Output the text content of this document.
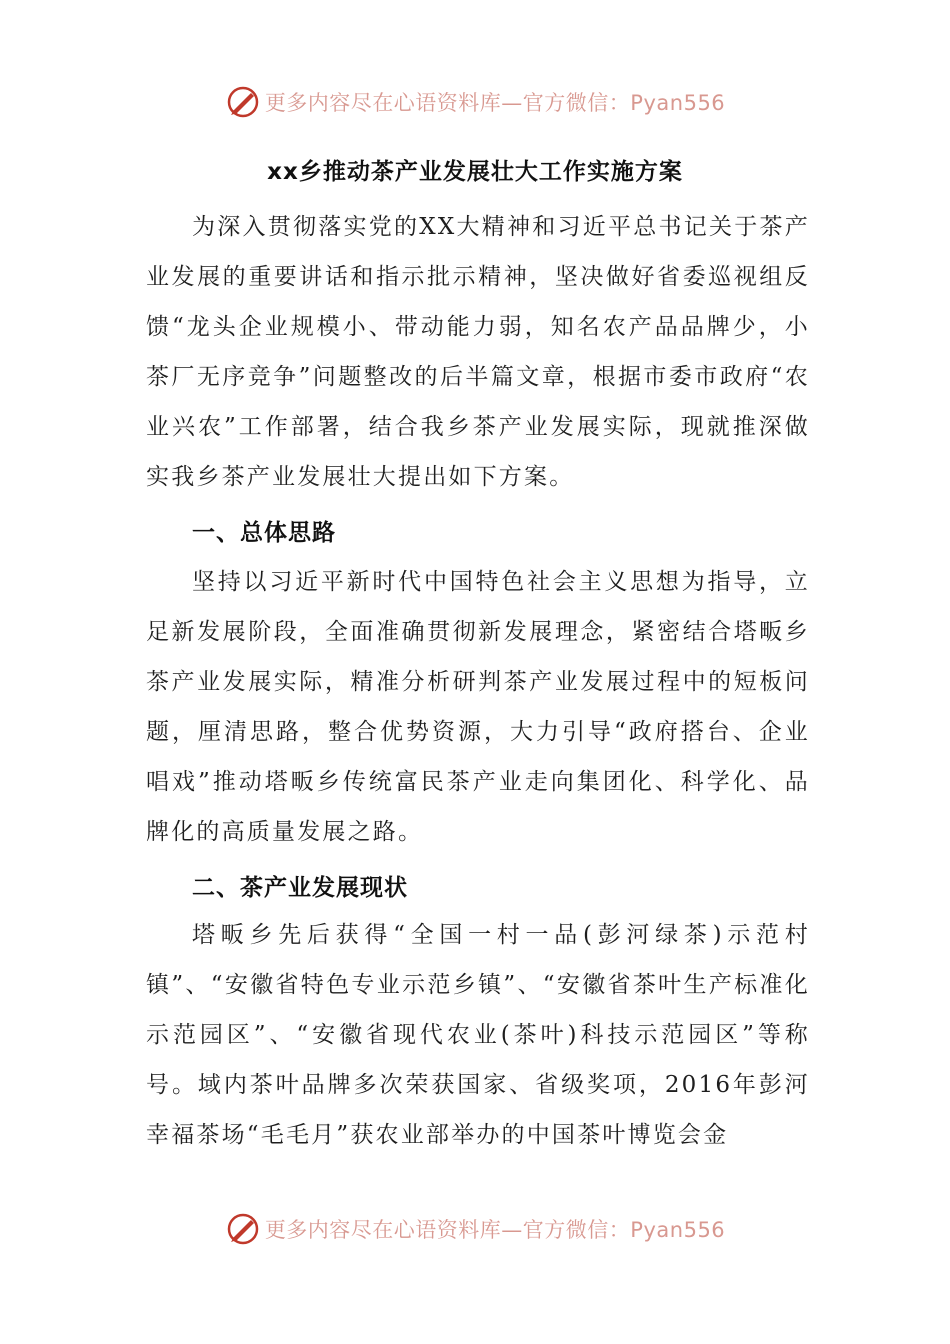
更多内容尽在心语资料库—官方微信：Pyan556
xx乡推动茶产业发展壮大工作实施方案

为深入贯彻落实党的XX大精神和习近平总书记关于茶产业发展的重要讲话和指示批示精神，坚决做好省委巡视组反馈“龙头企业规模小、带动能力弱，知名农产品品牌少，小茶厂无序竞争”问题整改的后半篇文章，根据市委市政府“农业兴农”工作部署，结合我乡茶产业发展实际，现就推深做实我乡茶产业发展壮大提出如下方案。

一、总体思路

坚持以习近平新时代中国特色社会主义思想为指导，立足新发展阶段，全面准确贯彻新发展理念，紧密结合塔畈乡茶产业发展实际，精准分析研判茶产业发展过程中的短板问题，厘清思路，整合优势资源，大力引导“政府搭台、企业唱戏”推动塔畈乡传统富民茶产业走向集团化、科学化、品牌化的高质量发展之路。

二、茶产业发展现状

塔畈乡先后获得“全国一村一品(彭河绿茶)示范村镇”、“安徽省特色专业示范乡镇”、“安徽省茶叶生产标准化示范园区”、“安徽省现代农业(茶叶)科技示范园区”等称号。域内茶叶品牌多次荣获国家、省级奖项，2016年彭河幸福茶场“毛毛月”获农业部举办的中国茶叶博览会金

更多内容尽在心语资料库—官方微信：Pyan556
